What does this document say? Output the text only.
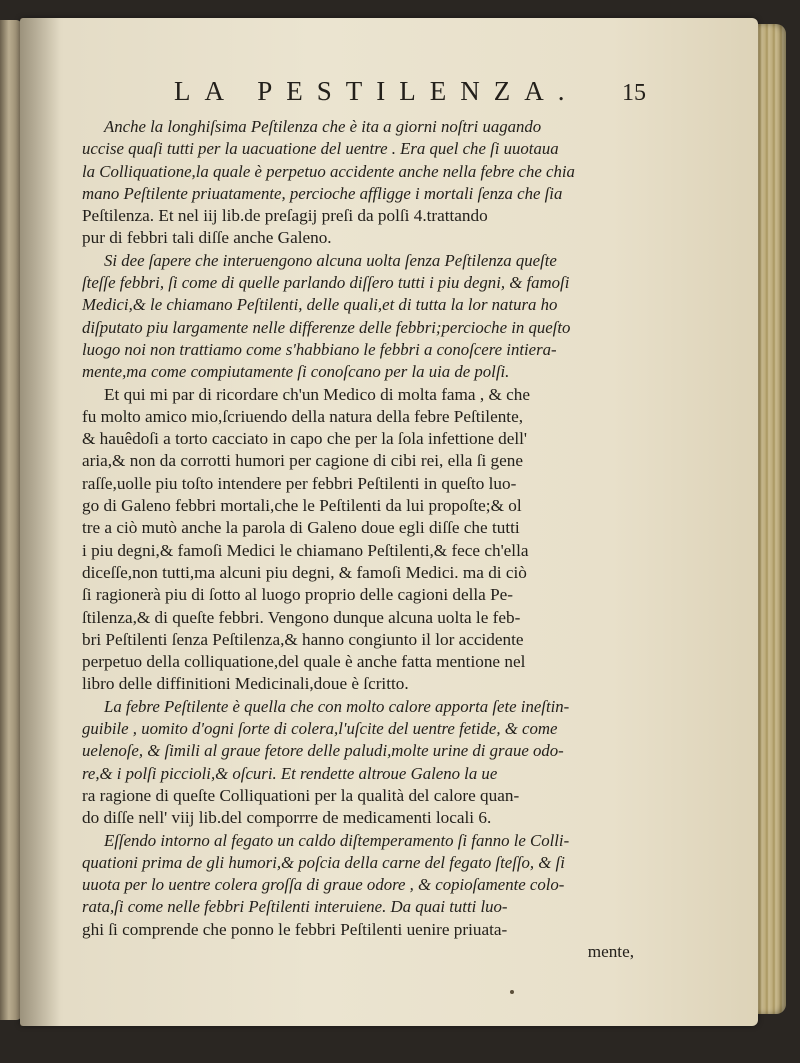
LA PESTILENZA. 15
Anche la longhiſsima Peſtilenza che è ita a giorni noſtri uagando
uccise quaſi tutti per la uacuatione del uentre . Era quel che ſi uuotaua
la Colliquatione,la quale è perpetuo accidente anche nella febre che chia
mano Peſtilente priuatamente, percioche affligge i mortali ſenza che ſia
Peſtilenza. Et nel iij lib.de preſagij preſi da polſi 4.trattando
pur di febbri tali diſſe anche Galeno.
Si dee ſapere che interuengono alcuna uolta ſenza Peſtilenza queſte
ſteſſe febbri, ſi come di quelle parlando diſſero tutti i piu degni, & famoſi
Medici,& le chiamano Peſtilenti, delle quali,et di tutta la lor natura ho
diſputato piu largamente nelle differenze delle febbri;percioche in queſto
luogo noi non trattiamo come s'habbiano le febbri a conoſcere intiera-
mente,ma come compiutamente ſi conoſcano per la uia de polſi.
Et qui mi par di ricordare ch'un Medico di molta fama , & che
fu molto amico mio,ſcriuendo della natura della febre Peſtilente,
& hauêdoſi a torto cacciato in capo che per la ſola infettione dell'
aria,& non da corrotti humori per cagione di cibi rei, ella ſi gene
raſſe,uolle piu toſto intendere per febbri Peſtilenti in queſto luo-
go di Galeno febbri mortali,che le Peſtilenti da lui propoſte;& ol
tre a ciò mutò anche la parola di Galeno doue egli diſſe che tutti
i piu degni,& famoſi Medici le chiamano Peſtilenti,& fece ch'ella
diceſſe,non tutti,ma alcuni piu degni, & famoſi Medici. ma di ciò
ſi ragionerà piu di ſotto al luogo proprio delle cagioni della Pe-
ſtilenza,& di queſte febbri. Vengono dunque alcuna uolta le feb-
bri Peſtilenti ſenza Peſtilenza,& hanno congiunto il lor accidente
perpetuo della colliquatione,del quale è anche fatta mentione nel
libro delle diffinitioni Medicinali,doue è ſcritto.
La febre Peſtilente è quella che con molto calore apporta ſete ineſtin-
guibile , uomito d'ogni ſorte di colera,l'uſcite del uentre fetide, & come
uelenoſe, & ſimili al graue fetore delle paludi,molte urine di graue odo-
re,& i polſi piccioli,& oſcuri. Et rendette altroue Galeno la ue
ra ragione di queſte Colliquationi per la qualità del calore quan-
do diſſe nell' viij lib.del comporrre de medicamenti locali 6.
Eſſendo intorno al fegato un caldo diſtemperamento ſi fanno le Colli-
quationi prima de gli humori,& poſcia della carne del fegato ſteſſo, & ſi
uuota per lo uentre colera groſſa di graue odore , & copioſamente colo-
rata,ſi come nelle febbri Peſtilenti interuiene. Da quai tutti luo-
ghi ſi comprende che ponno le febbri Peſtilenti uenire priuata-
mente,
